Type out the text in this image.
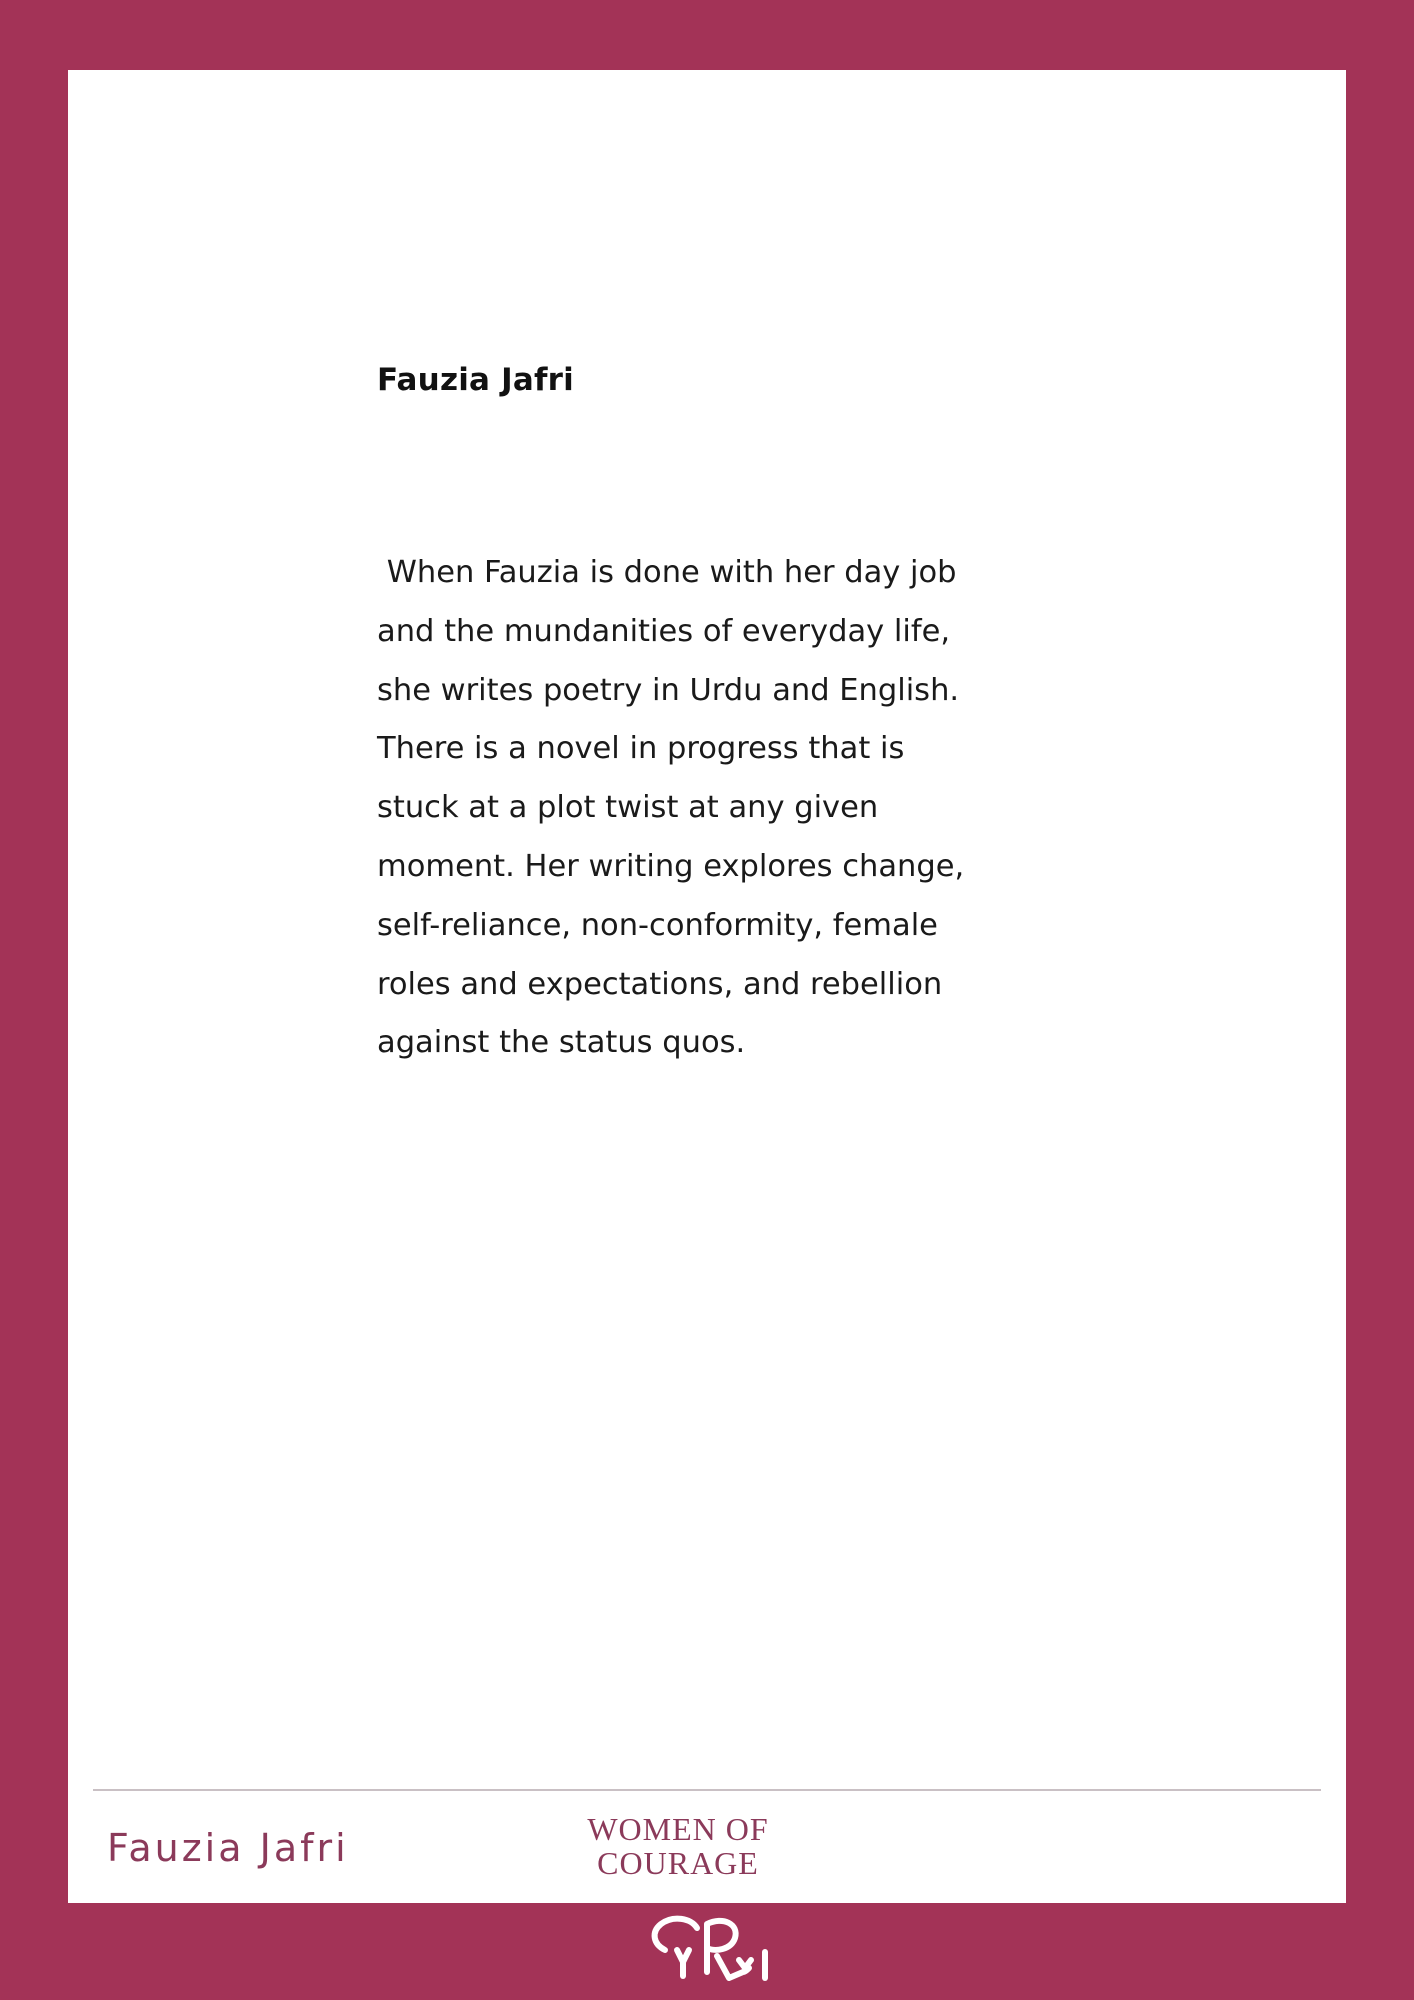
Fauzia Jafri

When Fauzia is done with her day job
and the mundanities of everyday life,
she writes poetry in Urdu and English.
There is a novel in progress that is
stuck at a plot twist at any given
moment. Her writing explores change,
self-reliance, non-conformity, female
roles and expectations, and rebellion
against the status quos.

Fauzia Jafri	WOMEN OF
COURAGE
